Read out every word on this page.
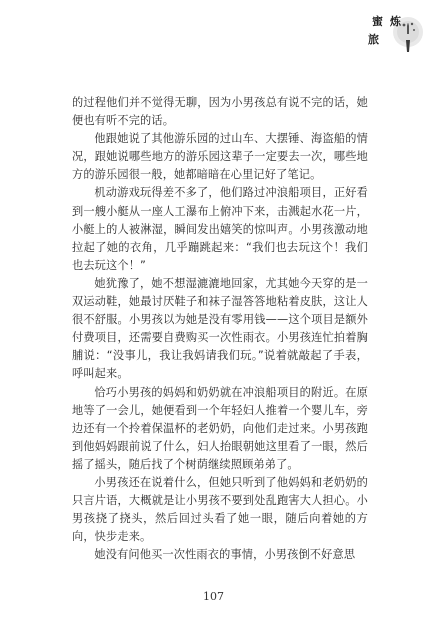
蜜 炼
旅

的过程他们并不觉得无聊，因为小男孩总有说不完的话，她便也有听不完的话。

他跟她说了其他游乐园的过山车、大摆锤、海盗船的情况，跟她说哪些地方的游乐园这辈子一定要去一次，哪些地方的游乐园很一般，她都暗暗在心里记好了笔记。

机动游戏玩得差不多了，他们路过冲浪船项目，正好看到一艘小艇从一座人工瀑布上俯冲下来，击溅起水花一片，小艇上的人被淋湿，瞬间发出嬉笑的惊叫声。小男孩激动地拉起了她的衣角，几乎蹦跳起来：“我们也去玩这个！我们也去玩这个！”

她犹豫了，她不想湿漉漉地回家，尤其她今天穿的是一双运动鞋，她最讨厌鞋子和袜子湿答答地粘着皮肤，这让人很不舒服。小男孩以为她是没有零用钱——这个项目是额外付费项目，还需要自费购买一次性雨衣。小男孩连忙拍着胸脯说：“没事儿，我让我妈请我们玩。”说着就敲起了手表，呼叫起来。

恰巧小男孩的妈妈和奶奶就在冲浪船项目的附近。在原地等了一会儿，她便看到一个年轻妇人推着一个婴儿车，旁边还有一个拎着保温杯的老奶奶，向他们走过来。小男孩跑到他妈妈跟前说了什么，妇人抬眼朝她这里看了一眼，然后摇了摇头，随后找了个树荫继续照顾弟弟了。

小男孩还在说着什么，但她只听到了他妈妈和老奶奶的只言片语，大概就是让小男孩不要到处乱跑害大人担心。小男孩挠了挠头，然后回过头看了她一眼，随后向着她的方向，快步走来。

她没有问他买一次性雨衣的事情，小男孩倒不好意思

107
